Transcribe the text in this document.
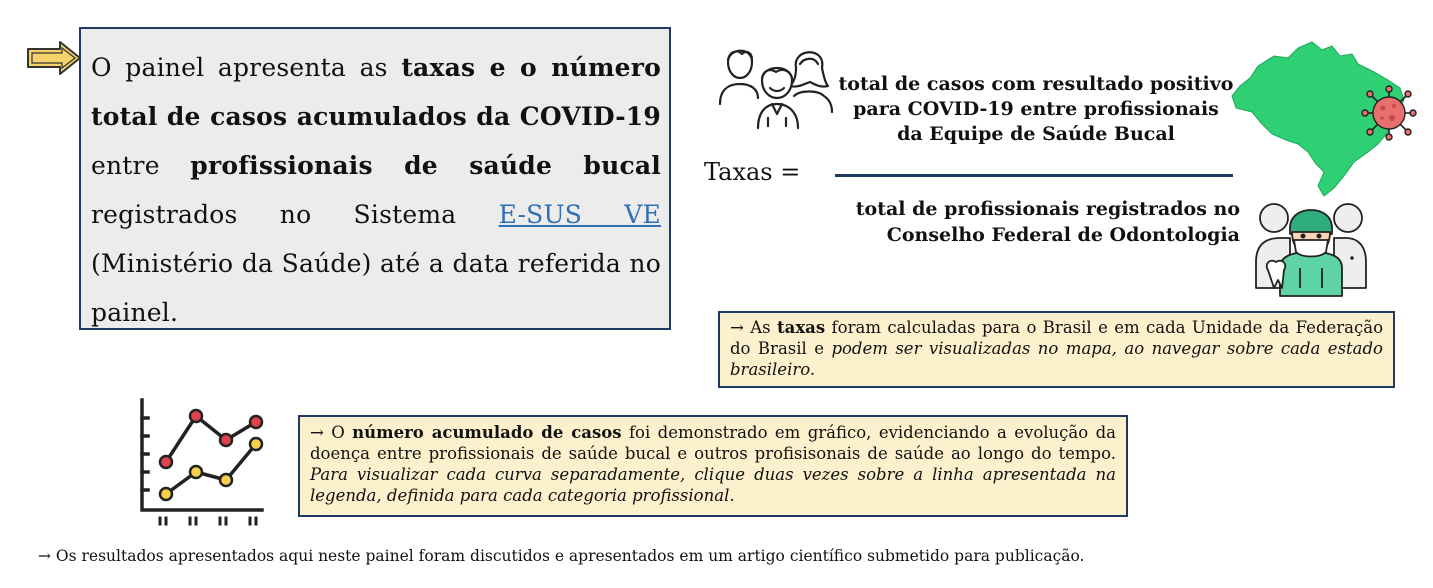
O painel apresenta as taxas e o número total de casos acumulados da COVID-19 entre profissionais de saúde bucal registrados no Sistema E-SUS VE (Ministério da Saúde) até a data referida no painel.
Taxas =
total de casos com resultado positivo para COVID-19 entre profissionais da Equipe de Saúde Bucal
total de profissionais registrados no Conselho Federal de Odontologia
→ As taxas foram calculadas para o Brasil e em cada Unidade da Federação do Brasil e podem ser visualizadas no mapa, ao navegar sobre cada estado brasileiro.
→ O número acumulado de casos foi demonstrado em gráfico, evidenciando a evolução da doença entre profissionais de saúde bucal e outros profisisonais de saúde ao longo do tempo. Para visualizar cada curva separadamente, clique duas vezes sobre a linha apresentada na legenda, definida para cada categoria profissional.
→ Os resultados apresentados aqui neste painel foram discutidos e apresentados em um artigo científico submetido para publicação.
